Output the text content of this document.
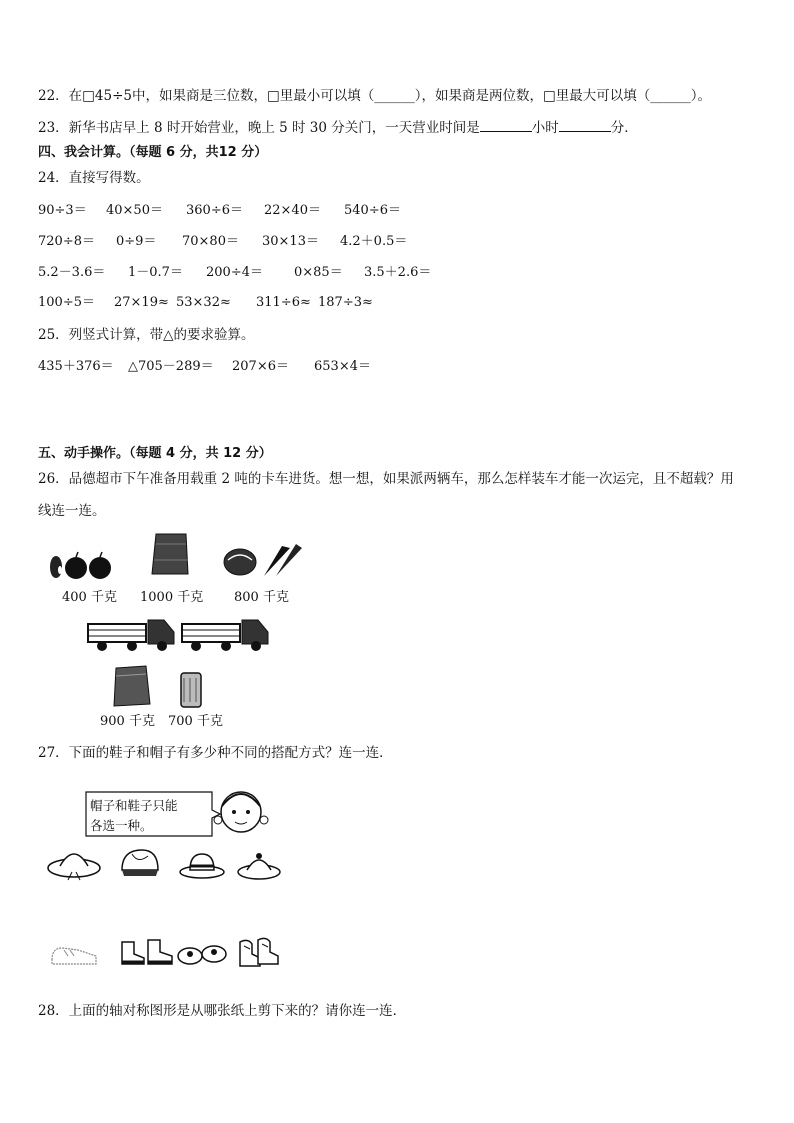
22．在□45÷5中，如果商是三位数，□里最小可以填（______），如果商是两位数，□里最大可以填（______）。
23．新华书店早上 8 时开始营业，晚上 5 时 30 分关门，一天营业时间是	小时	分．
四、我会计算。（每题 6 分，共12 分）
24．直接写得数。
90÷3＝ 40×50＝ 360÷6＝ 22×40＝ 540÷6＝
720÷8＝ 0÷9＝ 70×80＝ 30×13＝ 4.2＋0.5＝
5.2－3.6＝ 1－0.7＝ 200÷4＝ 0×85＝ 3.5＋2.6＝
100÷5＝ 27×19≈ 53×32≈ 311÷6≈ 187÷3≈
25．列竖式计算，带△的要求验算。
435＋376＝ △705－289＝ 207×6＝ 653×4＝
五、动手操作。（每题 4 分，共 12 分）
26．品德超市下午准备用载重 2 吨的卡车进货。想一想，如果派两辆车，那么怎样装车才能一次运完，且不超载？用
线连一连。
400 千克 1000 千克 800 千克
900 千克 700 千克
27．下面的鞋子和帽子有多少种不同的搭配方式？连一连．
帽子和鞋子只能
各选一种。
28．上面的轴对称图形是从哪张纸上剪下来的？请你连一连．
